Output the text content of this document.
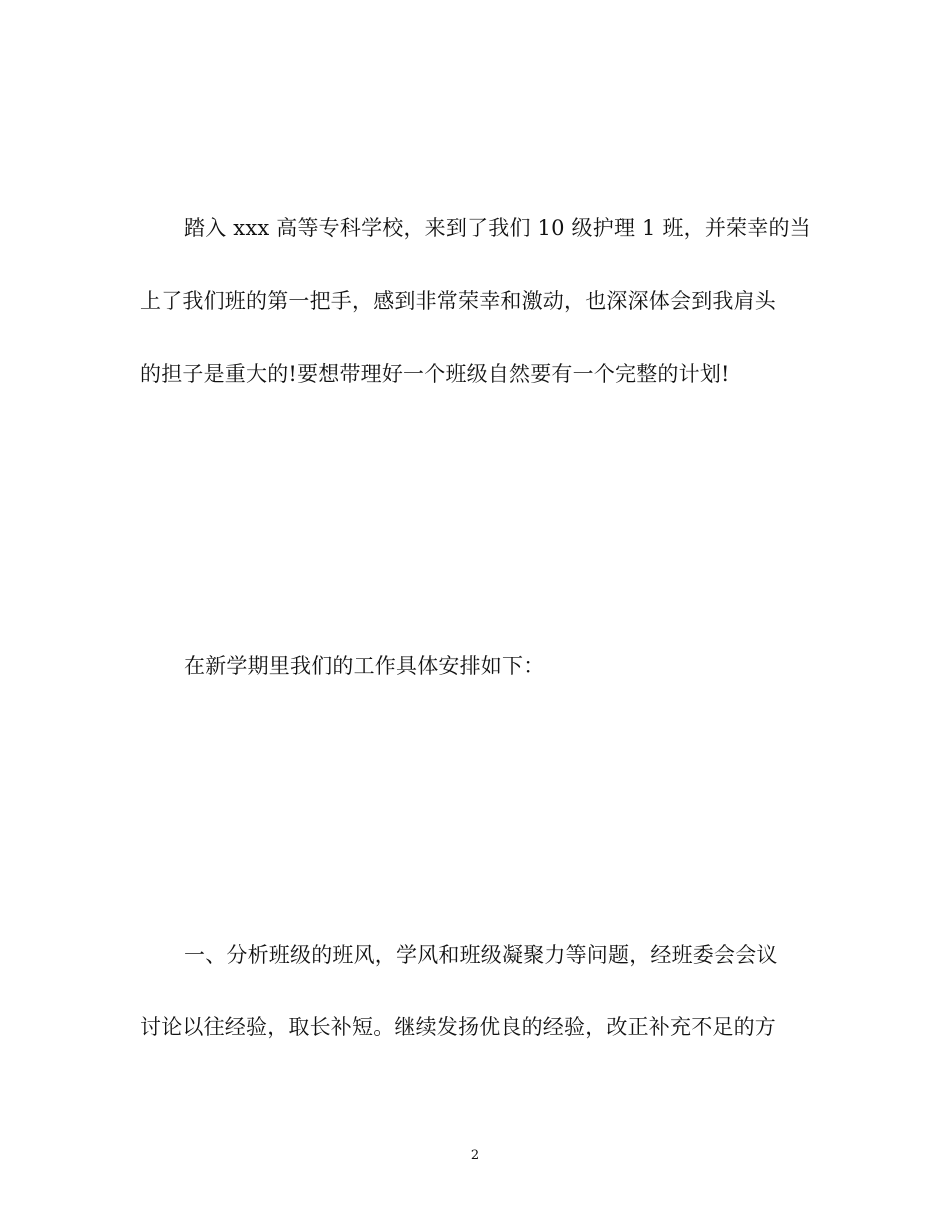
踏入 xxx 高等专科学校，来到了我们 10 级护理 1 班，并荣幸的当
上了我们班的第一把手，感到非常荣幸和激动，也深深体会到我肩头
的担子是重大的!要想带理好一个班级自然要有一个完整的计划!
在新学期里我们的工作具体安排如下：
一、分析班级的班风，学风和班级凝聚力等问题，经班委会会议
讨论以往经验，取长补短。继续发扬优良的经验，改正补充不足的方
2
